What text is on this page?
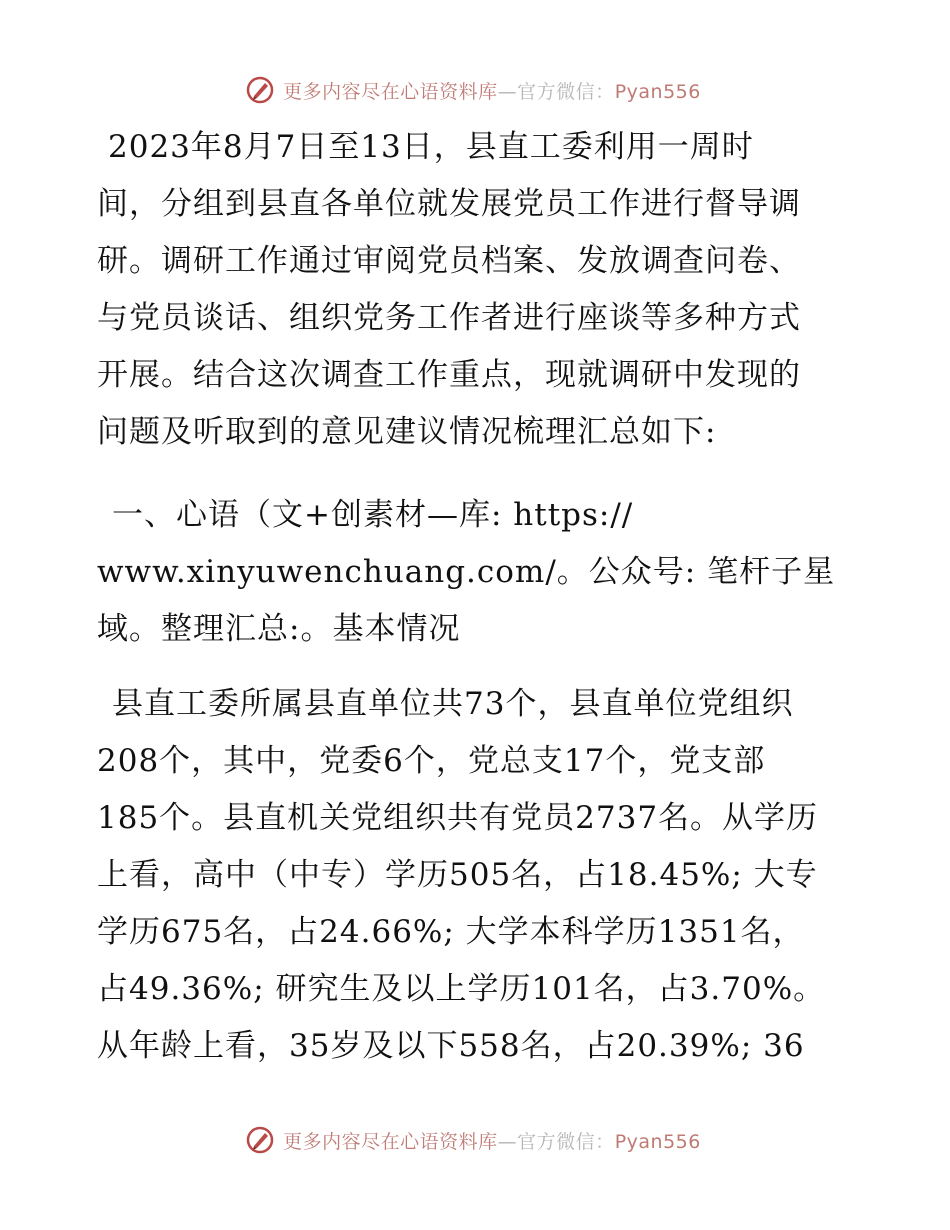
更多内容尽在心语资料库—官方微信：Pyan556
2023年8月7日至13日，县直工委利用一周时
间，分组到县直各单位就发展党员工作进行督导调
研。调研工作通过审阅党员档案、发放调查问卷、
与党员谈话、组织党务工作者进行座谈等多种方式
开展。结合这次调查工作重点，现就调研中发现的
问题及听取到的意见建议情况梳理汇总如下:
一、心语（文+创素材—库: https://
www.xinyuwenchuang.com/。公众号: 笔杆子星
域。整理汇总:。基本情况
县直工委所属县直单位共73个，县直单位党组织
208个，其中，党委6个，党总支17个，党支部
185个。县直机关党组织共有党员2737名。从学历
上看，高中（中专）学历505名，占18.45%; 大专
学历675名，占24.66%; 大学本科学历1351名，
占49.36%; 研究生及以上学历101名，占3.70%。
从年龄上看，35岁及以下558名，占20.39%; 36
更多内容尽在心语资料库—官方微信：Pyan556
